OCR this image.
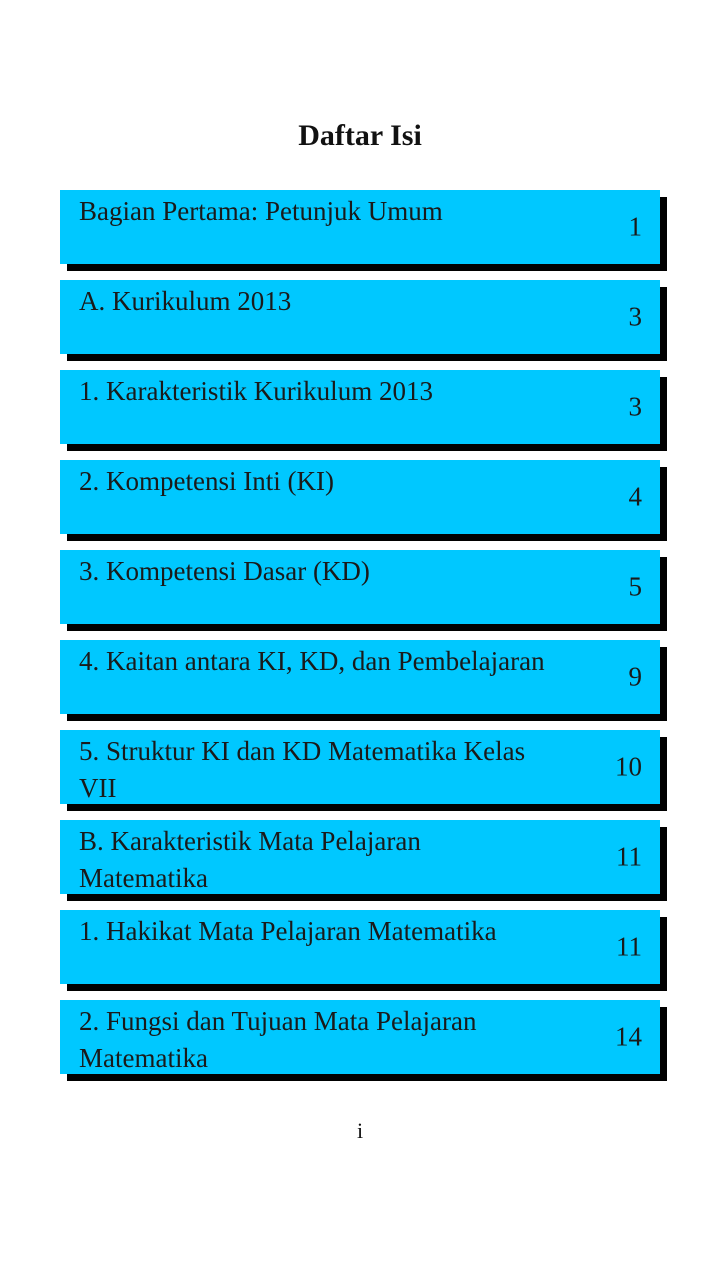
Daftar Isi
Bagian Pertama: Petunjuk Umum
1
A. Kurikulum 2013
3
1. Karakteristik Kurikulum 2013
3
2. Kompetensi Inti (KI)
4
3. Kompetensi Dasar (KD)
5
4. Kaitan antara KI, KD, dan Pembelajaran
9
5. Struktur KI dan KD Matematika Kelas VII
10
B. Karakteristik Mata Pelajaran Matematika
11
1. Hakikat Mata Pelajaran Matematika
11
2. Fungsi dan Tujuan Mata Pelajaran Matematika
14
i
